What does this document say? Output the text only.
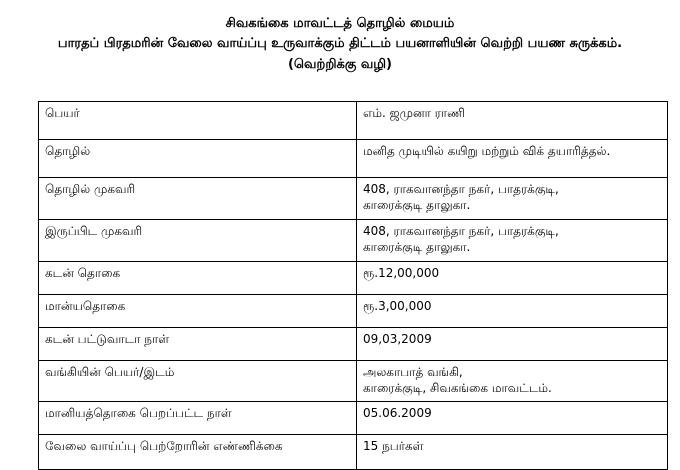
சிவகங்கை மாவட்டத் தொழில் மையம்
பாரதப் பிரதமரின் வேலை வாய்ப்பு உருவாக்கும் திட்டம் பயனாளியின் வெற்றி பயண சுருக்கம்.
(வெற்றிக்கு வழி)
பெயர்	எம். ஜமுனா ராணி

தொழில்	மனித முடியில் கயிறு மற்றும் விக் தயாரித்தல்.

தொழில் முகவரி	408, ராகவானந்தா நகர், பாதரக்குடி,
காரைக்குடி தாலுகா.

இருப்பிட முகவரி	408, ராகவானந்தா நகர், பாதரக்குடி,
காரைக்குடி தாலுகா.

கடன் தொகை	ரூ.12,00,000

மான்யதொகை	ரூ.3,00,000

கடன் பட்டுவாடா நாள்	09,03,2009

வங்கியின் பெயர்/இடம்	அலகாபாத் வங்கி,
காரைக்குடி, சிவகங்கை மாவட்டம்.

மானியத்தொகை பெறப்பட்ட நாள்	05.06.2009

வேலை வாய்ப்பு பெற்றோரின் எண்ணிக்கை	15 நபர்கள்
